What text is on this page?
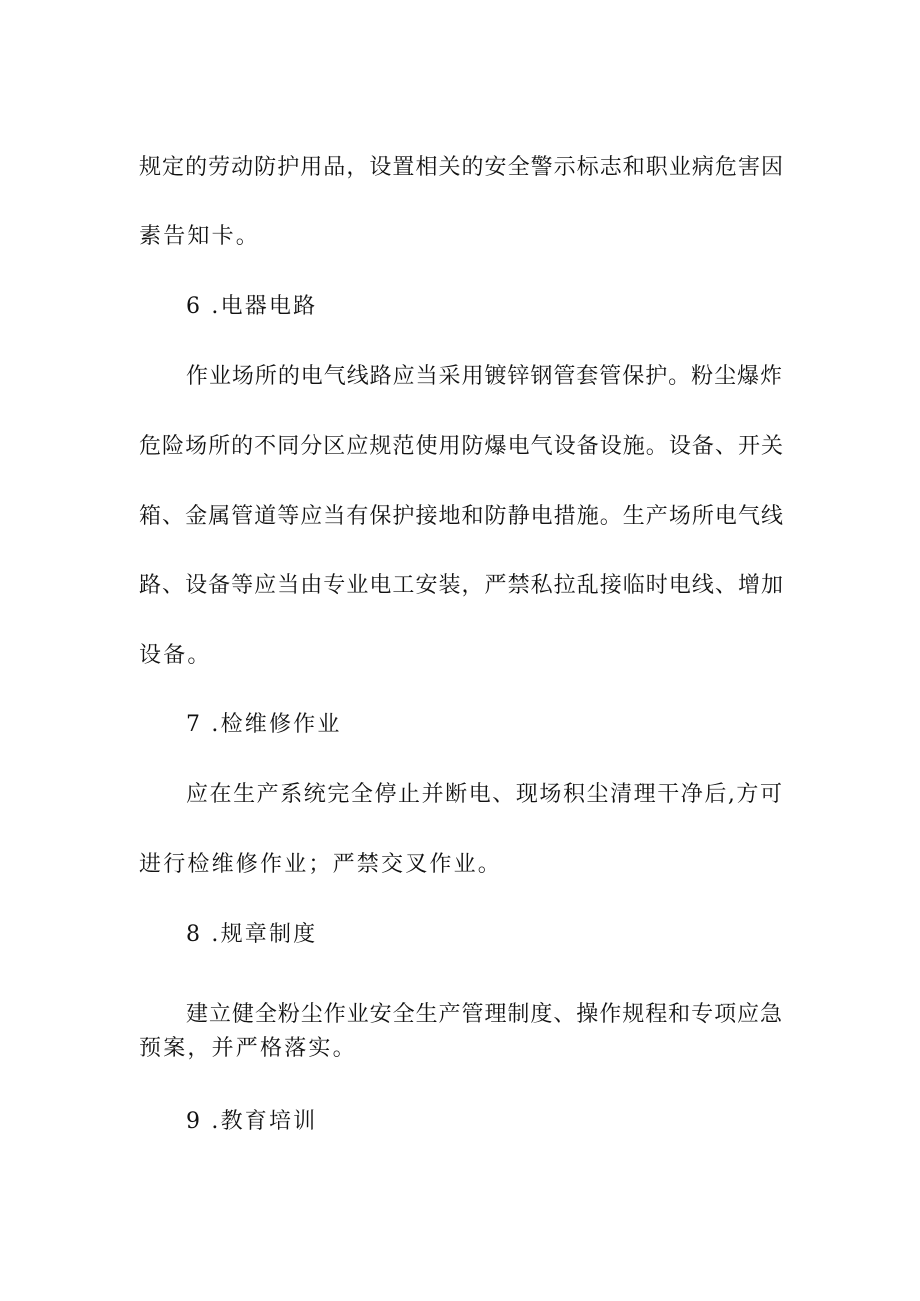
规定的劳动防护用品，设置相关的安全警示标志和职业病危害因
素告知卡。
6 .电器电路
作业场所的电气线路应当采用镀锌钢管套管保护。粉尘爆炸
危险场所的不同分区应规范使用防爆电气设备设施。设备、开关
箱、金属管道等应当有保护接地和防静电措施。生产场所电气线
路、设备等应当由专业电工安装，严禁私拉乱接临时电线、增加
设备。
7 .检维修作业
应在生产系统完全停止并断电、现场积尘清理干净后,方可
进行检维修作业；严禁交叉作业。
8 .规章制度
建立健全粉尘作业安全生产管理制度、操作规程和专项应急
预案，并严格落实。
9 .教育培训
